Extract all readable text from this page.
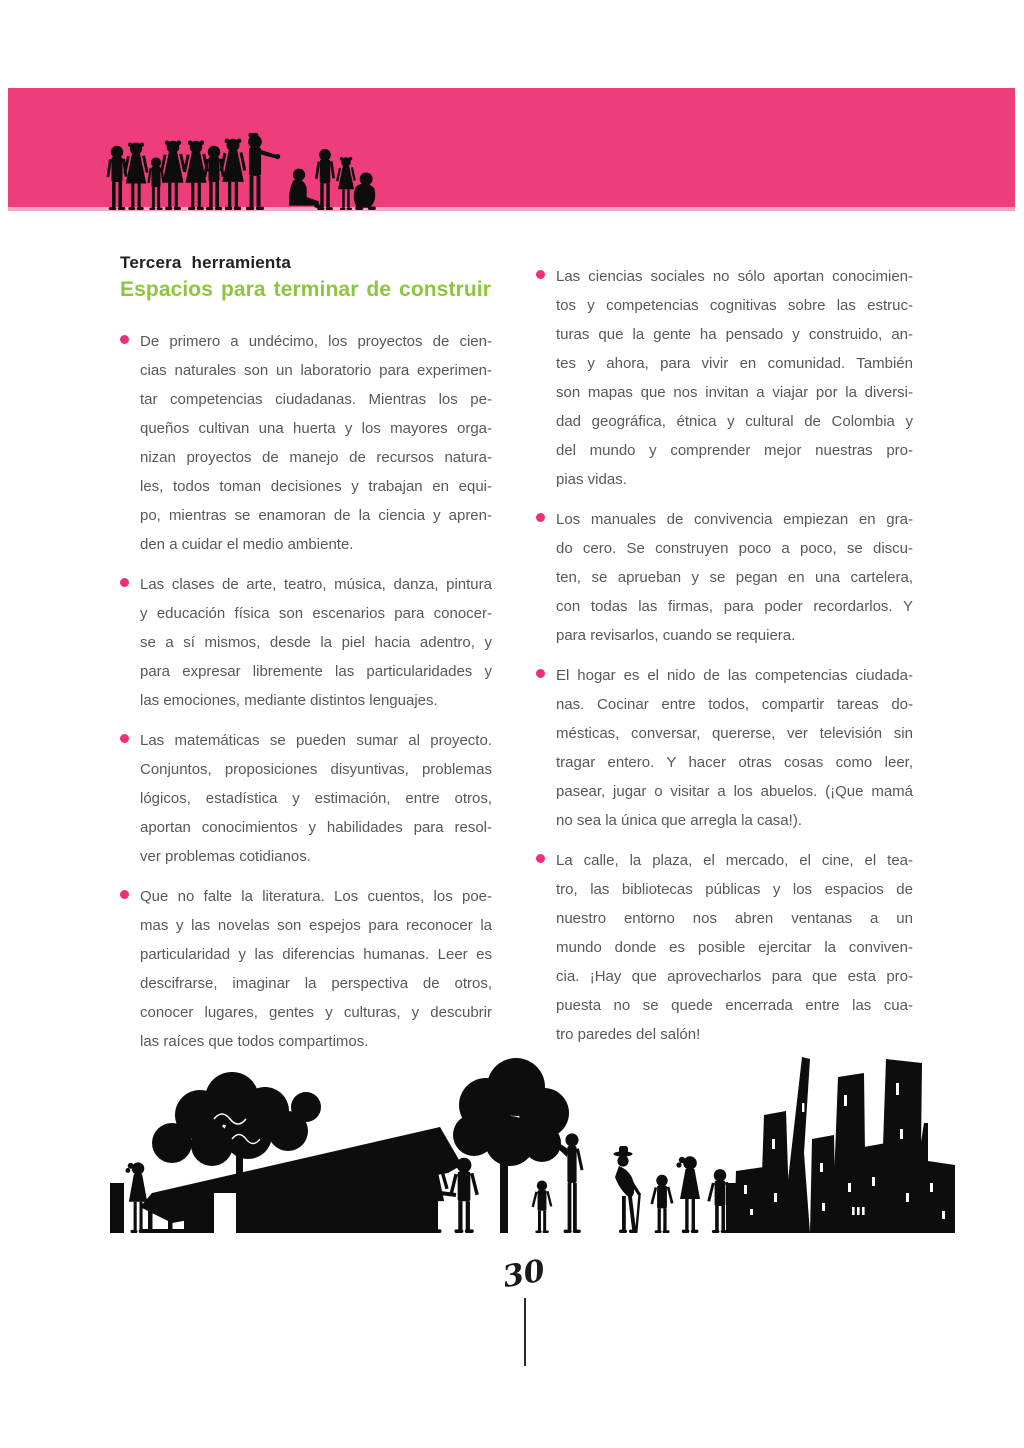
Tercera herramienta
Espacios para terminar de construir
De primero a undécimo, los proyectos de cien-
cias naturales son un laboratorio para experimen-
tar competencias ciudadanas. Mientras los pe-
queños cultivan una huerta y los mayores orga-
nizan proyectos de manejo de recursos natura-
les, todos toman decisiones y trabajan en equi-
po, mientras se enamoran de la ciencia y apren-
den a cuidar el medio ambiente.
Las clases de arte, teatro, música, danza, pintura
y educación física son escenarios para conocer-
se a sí mismos, desde la piel hacia adentro, y
para expresar libremente las particularidades y
las emociones, mediante distintos lenguajes.
Las matemáticas se pueden sumar al proyecto.
Conjuntos, proposiciones disyuntivas, problemas
lógicos, estadística y estimación, entre otros,
aportan conocimientos y habilidades para resol-
ver problemas cotidianos.
Que no falte la literatura. Los cuentos, los poe-
mas y las novelas son espejos para reconocer la
particularidad y las diferencias humanas. Leer es
descifrarse, imaginar la perspectiva de otros,
conocer lugares, gentes y culturas, y descubrir
las raíces que todos compartimos.
Las ciencias sociales no sólo aportan conocimien-
tos y competencias cognitivas sobre las estruc-
turas que la gente ha pensado y construido, an-
tes y ahora, para vivir en comunidad. También
son mapas que nos invitan a viajar por la diversi-
dad geográfica, étnica y cultural de Colombia y
del mundo y comprender mejor nuestras pro-
pias vidas.
Los manuales de convivencia empiezan en gra-
do cero. Se construyen poco a poco, se discu-
ten, se aprueban y se pegan en una cartelera,
con todas las firmas, para poder recordarlos. Y
para revisarlos, cuando se requiera.
El hogar es el nido de las competencias ciudada-
nas. Cocinar entre todos, compartir tareas do-
mésticas, conversar, quererse, ver televisión sin
tragar entero. Y hacer otras cosas como leer,
pasear, jugar o visitar a los abuelos. (¡Que mamá
no sea la única que arregla la casa!).
La calle, la plaza, el mercado, el cine, el tea-
tro, las bibliotecas públicas y los espacios de
nuestro entorno nos abren ventanas a un
mundo donde es posible ejercitar la conviven-
cia. ¡Hay que aprovecharlos para que esta pro-
puesta no se quede encerrada entre las cua-
tro paredes del salón!
30
